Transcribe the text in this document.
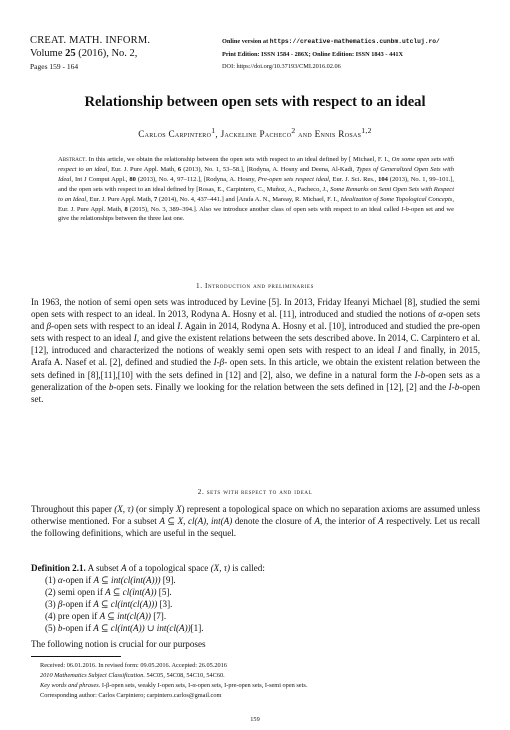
CREAT. MATH. INFORM.
Volume 25 (2016), No. 2,
Pages 159 - 164
Online version at https://creative-mathematics.cunbm.utcluj.ro/
Print Edition: ISSN 1584 - 286X; Online Edition: ISSN 1843 - 441X
DOI: https://doi.org/10.37193/CMI.2016.02.06
Relationship between open sets with respect to an ideal
Carlos Carpintero$^1$, Jackeline Pacheco$^2$ and Ennis Rosas$^{1,2}$
Abstract. In this article, we obtain the relationship between the open sets with respect to an ideal defined by [ Michael, F. I., On some open sets with respect to an ideal, Eur. J. Pure Appl. Math, 6 (2013), No. 1, 53–58.], [Rodyna, A. Hosny and Deena, Al-Kadi, Types of Generalized Open Sets with Ideal, Int J Comput Appl., 80 (2013), No. 4, 97–112.], [Rodyna, A. Hosny, Pre-open sets respect ideal, Eur. J. Sci. Res., 104 (2013), No. 1, 99–101.], and the open sets with respect to an ideal defined by [Rosas, E., Carpintero, C., Muñoz, A., Pacheco, J., Some Remarks on Semi Open Sets with Respect to an Ideal, Eur. J. Pure Appl. Math, 7 (2014), No. 4, 437–441.] and [Arafa A. N., Mareay, R. Michael, F. I., Idealization of Some Topological Concepts, Eur. J. Pure Appl. Math, 8 (2015), No. 3, 389–394.]. Also we introduce another class of open sets with respect to an ideal called I-b-open set and we give the relationships between the three last one.
1. Introduction and preliminaries
In 1963, the notion of semi open sets was introduced by Levine [5]. In 2013, Friday Ifeanyi Michael [8], studied the semi open sets with respect to an ideal. In 2013, Rodyna A. Hosny et al. [11], introduced and studied the notions of α-open sets and β-open sets with respect to an ideal I. Again in 2014, Rodyna A. Hosny et al. [10], introduced and studied the pre-open sets with respect to an ideal I, and give the existent relations between the sets described above. In 2014, C. Carpintero et al. [12], introduced and characterized the notions of weakly semi open sets with respect to an ideal I and finally, in 2015, Arafa A. Nasef et al. [2], defined and studied the I-β- open sets. In this article, we obtain the existent relation between the sets defined in [8],[11],[10] with the sets defined in [12] and [2], also, we define in a natural form the I-b-open sets as a generalization of the b-open sets. Finally we looking for the relation between the sets defined in [12], [2] and the I-b-open set.
2. sets with respect to and ideal
Throughout this paper (X, τ) (or simply X) represent a topological space on which no separation axioms are assumed unless otherwise mentioned. For a subset A ⊆ X, cl(A), int(A) denote the closure of A, the interior of A respectively. Let us recall the following definitions, which are useful in the sequel.
Definition 2.1. A subset A of a topological space (X, τ) is called:
(1) α-open if A ⊆ int(cl(int(A))) [9].
(2) semi open if A ⊆ cl(int(A)) [5].
(3) β-open if A ⊆ cl(int(cl(A))) [3].
(4) pre open if A ⊆ int(cl(A)) [7].
(5) b-open if A ⊆ cl(int(A)) ∪ int(cl(A))[1].
The following notion is crucial for our purposes
Received: 06.01.2016. In revised form: 09.05.2016. Accepted: 26.05.2016
2010 Mathematics Subject Classification. 54C05, 54C08, 54C10, 54C60.
Key words and phrases. I-β-open sets, weakly I-open sets, I-α-open sets, I-pre-open sets, I-semi open sets.
Corresponding author: Carlos Carpintero; carpintero.carlos@gmail.com
159
